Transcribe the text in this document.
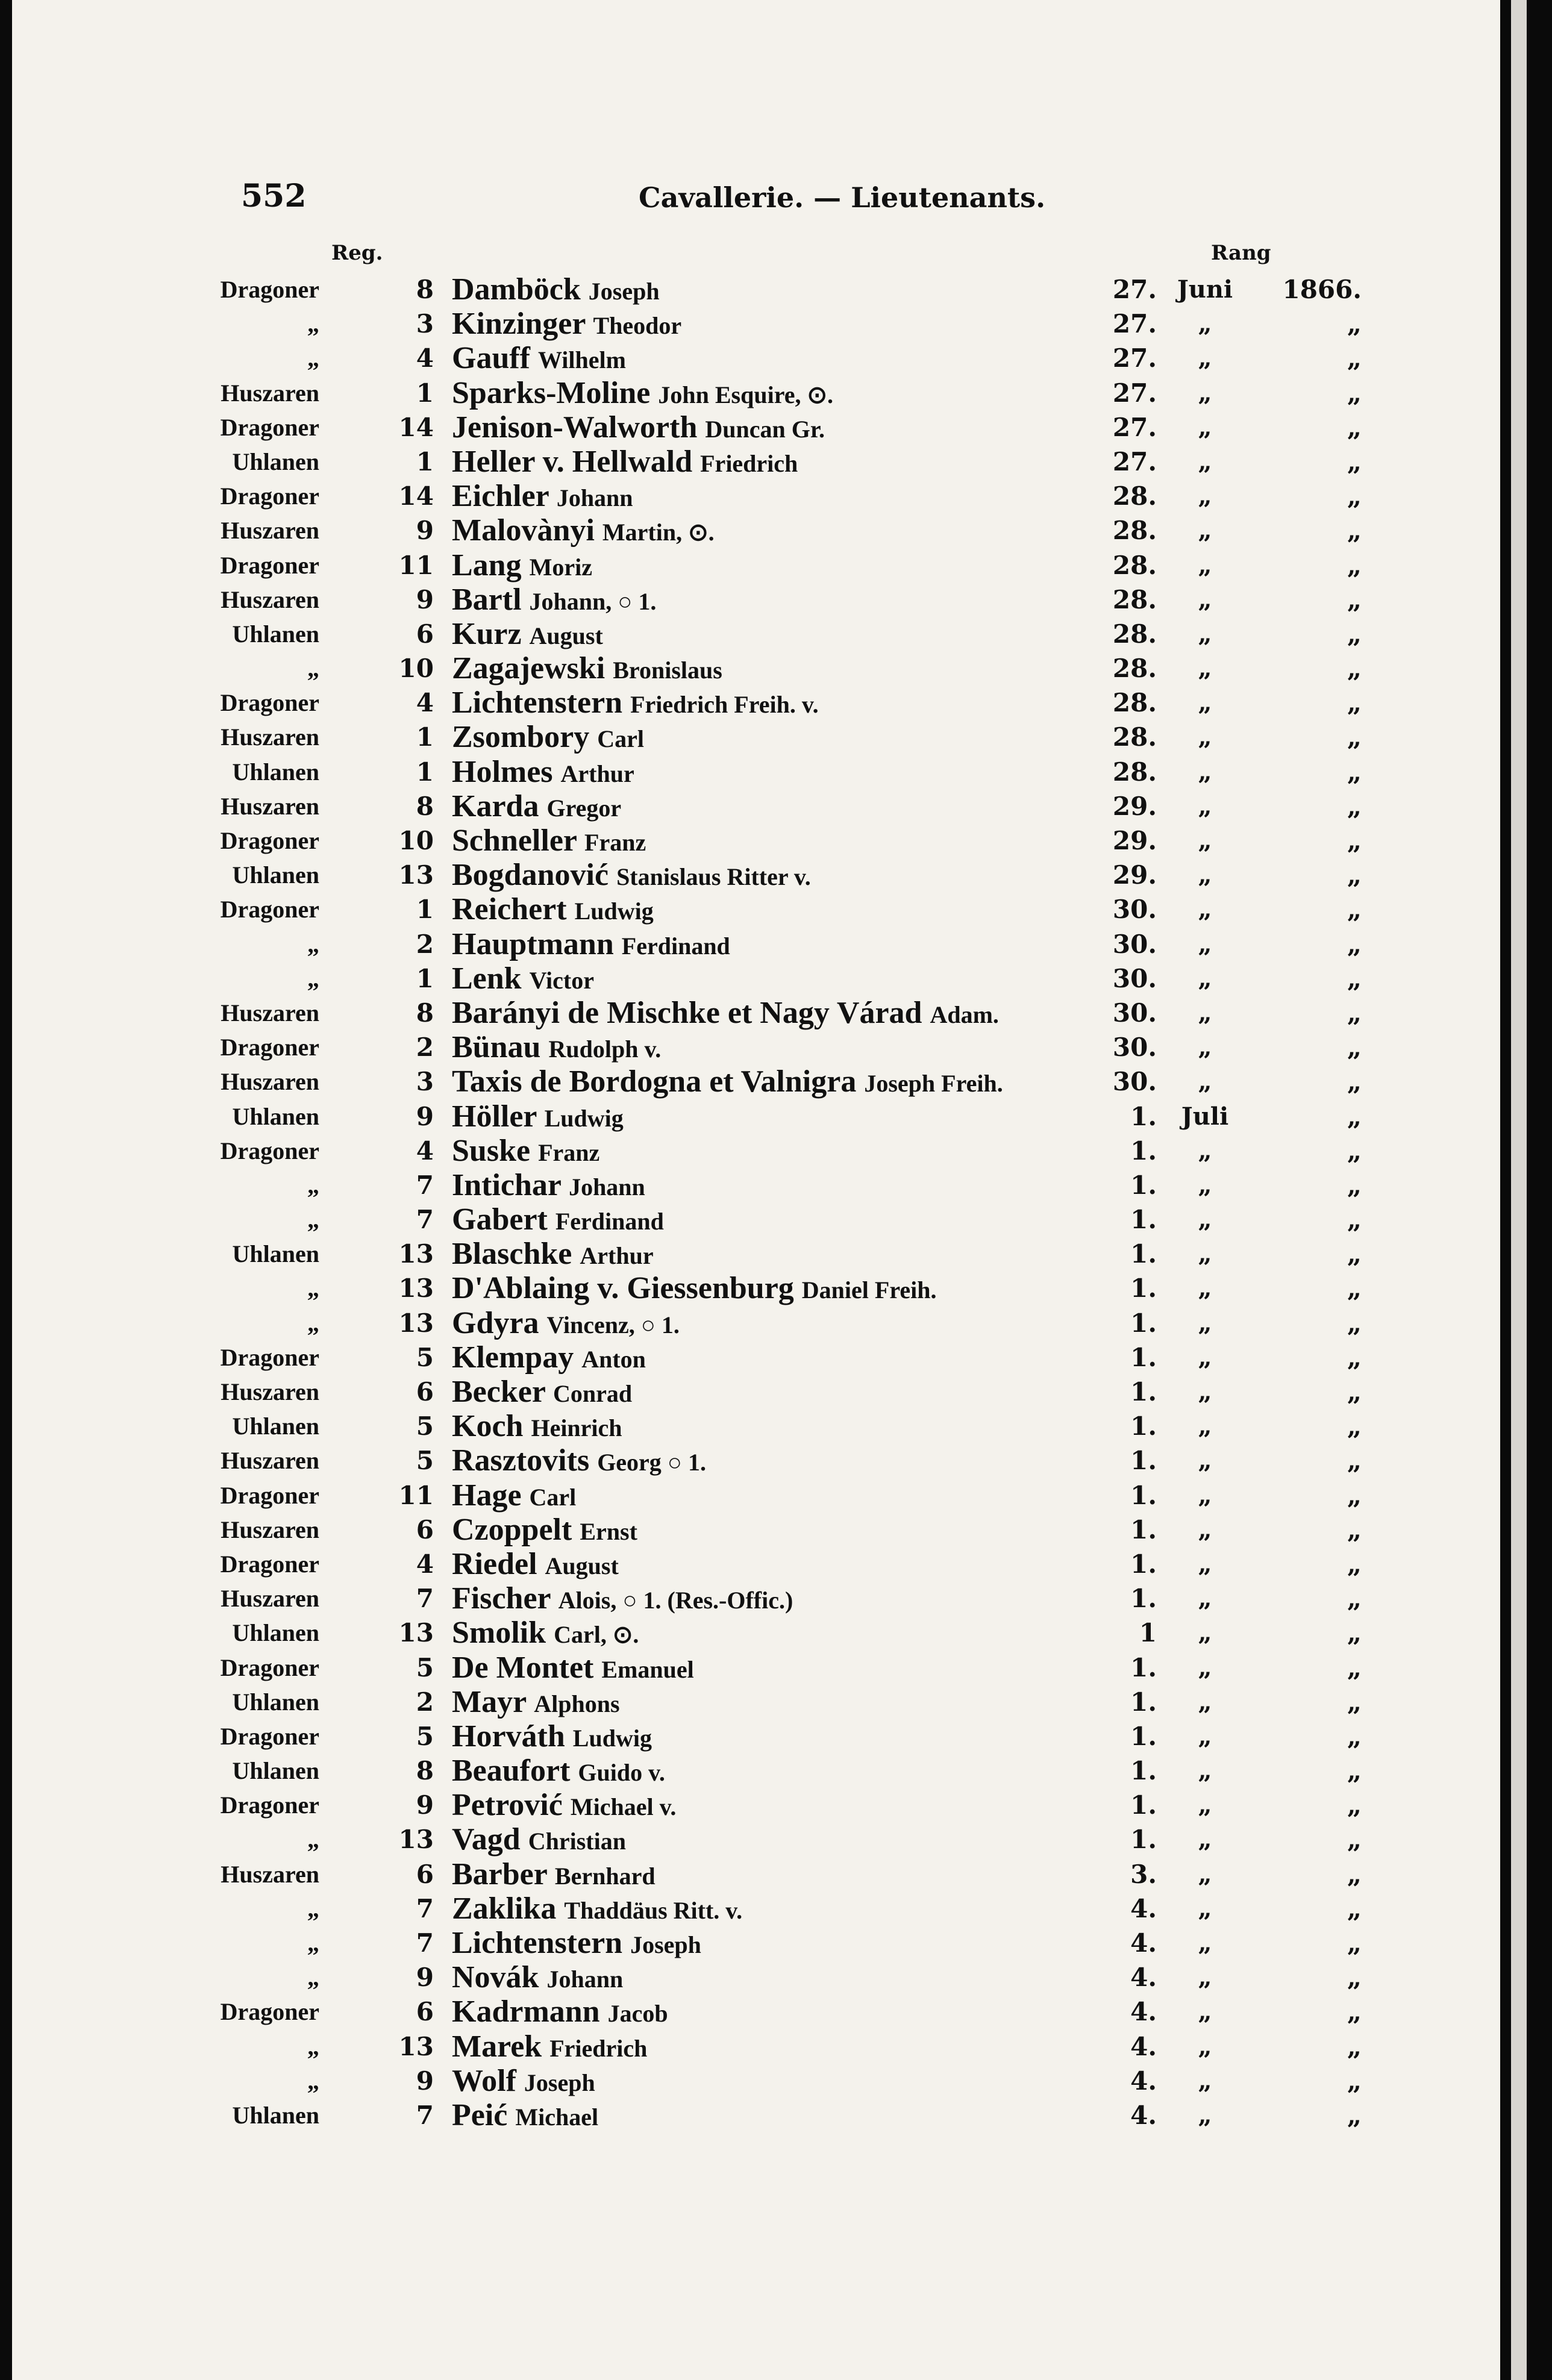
552	Cavallerie. — Lieutenants.
Reg.	Rang
Dragoner	8 Damböck Joseph	27. Juni	1866.
„	3 Kinzinger Theodor	27.	„	„
„	4 Gauff Wilhelm	27.	„	„
Huszaren	1 Sparks-Moline John Esquire, ⊙.	27.	„	„
Dragoner	14 Jenison-Walworth Duncan Gr.	27.	„	„
Uhlanen	1 Heller v. Hellwald Friedrich	27.	„	„
Dragoner	14 Eichler Johann	28.	„	„
Huszaren	9 Malovànyi Martin, ⊙.	28.	„	„
Dragoner	11 Lang Moriz	28.	„	„
Huszaren	9 Bartl Johann, ○ 1.	28.	„	„
Uhlanen	6 Kurz August	28.	„	„
„	10 Zagajewski Bronislaus	28.	„	„
Dragoner	4 Lichtenstern Friedrich Freih. v.	28.	„	„
Huszaren	1 Zsombory Carl	28.	„	„
Uhlanen	1 Holmes Arthur	28.	„	„
Huszaren	8 Karda Gregor	29.	„	„
Dragoner	10 Schneller Franz	29.	„	„
Uhlanen	13 Bogdanović Stanislaus Ritter v.	29.	„	„
Dragoner	1 Reichert Ludwig	30.	„	„
„	2 Hauptmann Ferdinand	30.	„	„
„	1 Lenk Victor	30.	„	„
Huszaren	8 Barányi de Mischke et Nagy Várad Adam.	30.	„	„
Dragoner	2 Bünau Rudolph v.	30.	„	„
Huszaren	3 Taxis de Bordogna et Valnigra Joseph Freih.	30.	„	„
Uhlanen	9 Höller Ludwig	1.	Juli	„
Dragoner	4 Suske Franz	1.	„	„
„	7 Intichar Johann	1.	„	„
„	7 Gabert Ferdinand	1.	„	„
Uhlanen	13 Blaschke Arthur	1.	„	„
„	13 D'Ablaing v. Giessenburg Daniel Freih.	1.	„	„
„	13 Gdyra Vincenz, ○ 1.	1.	„	„
Dragoner	5 Klempay Anton	1.	„	„
Huszaren	6 Becker Conrad	1.	„	„
Uhlanen	5 Koch Heinrich	1.	„	„
Huszaren	5 Rasztovits Georg ○ 1.	1.	„	„
Dragoner	11 Hage Carl	1.	„	„
Huszaren	6 Czoppelt Ernst	1.	„	„
Dragoner	4 Riedel August	1.	„	„
Huszaren	7 Fischer Alois, ○ 1. (Res.-Offic.)	1.	„	„
Uhlanen	13 Smolik Carl, ⊙.	1	„	„
Dragoner	5 De Montet Emanuel	1.	„	„
Uhlanen	2 Mayr Alphons	1.	„	„
Dragoner	5 Horváth Ludwig	1.	„	„
Uhlanen	8 Beaufort Guido v.	1.	„	„
Dragoner	9 Petrović Michael v.	1.	„	„
„	13 Vagd Christian	1.	„	„
Huszaren	6 Barber Bernhard	3.	„	„
„	7 Zaklika Thaddäus Ritt. v.	4.	„	„
„	7 Lichtenstern Joseph	4.	„	„
„	9 Novák Johann	4.	„	„
Dragoner	6 Kadrmann Jacob	4.	„	„
„	13 Marek Friedrich	4.	„	„
„	9 Wolf Joseph	4.	„	„
Uhlanen	7 Peić Michael	4.	„	„
